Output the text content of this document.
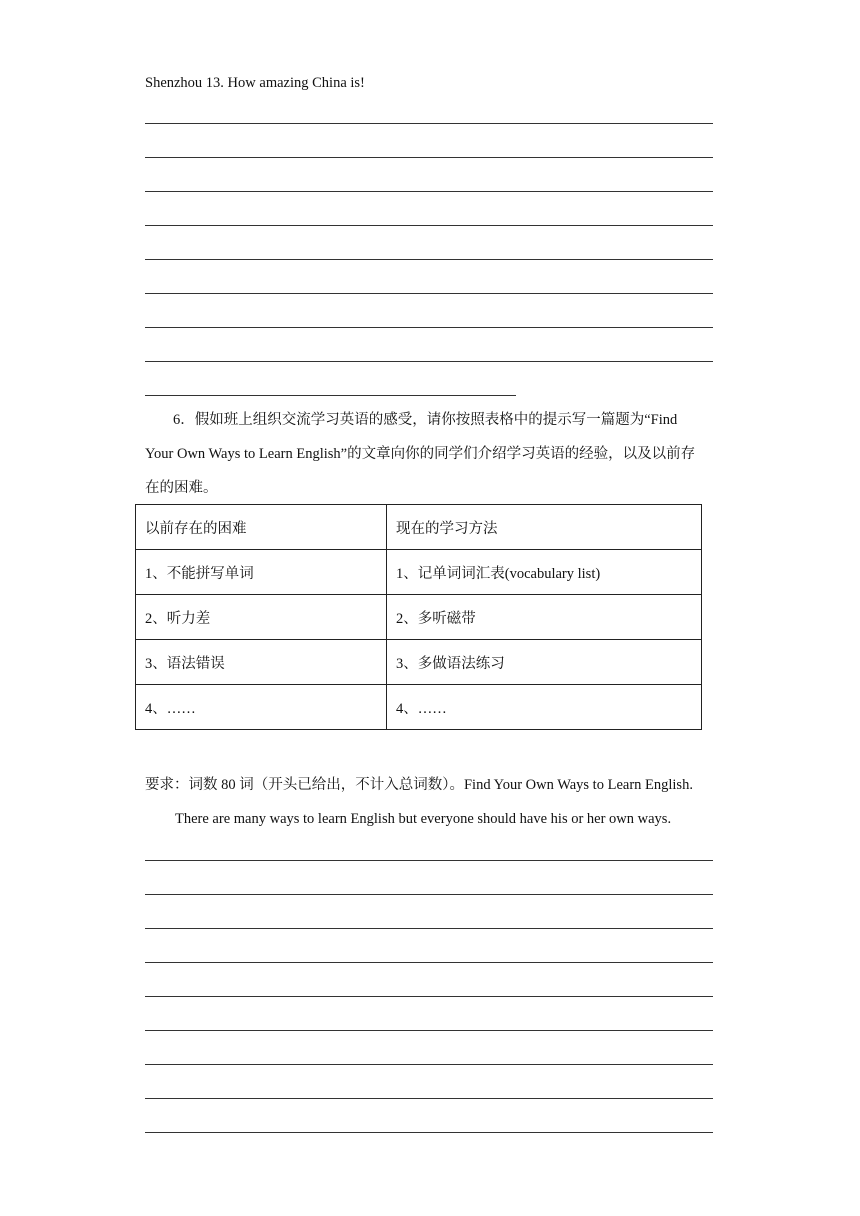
Shenzhou 13. How amazing China is!
6．假如班上组织交流学习英语的感受，请你按照表格中的提示写一篇题为“Find
Your Own Ways to Learn English”的文章向你的同学们介绍学习英语的经验，以及以前存
在的困难。
以前存在的困难	现在的学习方法
1、不能拼写单词	1、记单词词汇表(vocabulary list)
2、听力差	2、多听磁带
3、语法错误	3、多做语法练习
4、……	4、……
要求：词数 80 词（开头已给出，不计入总词数）。Find Your Own Ways to Learn English.
There are many ways to learn English but everyone should have his or her own ways.
